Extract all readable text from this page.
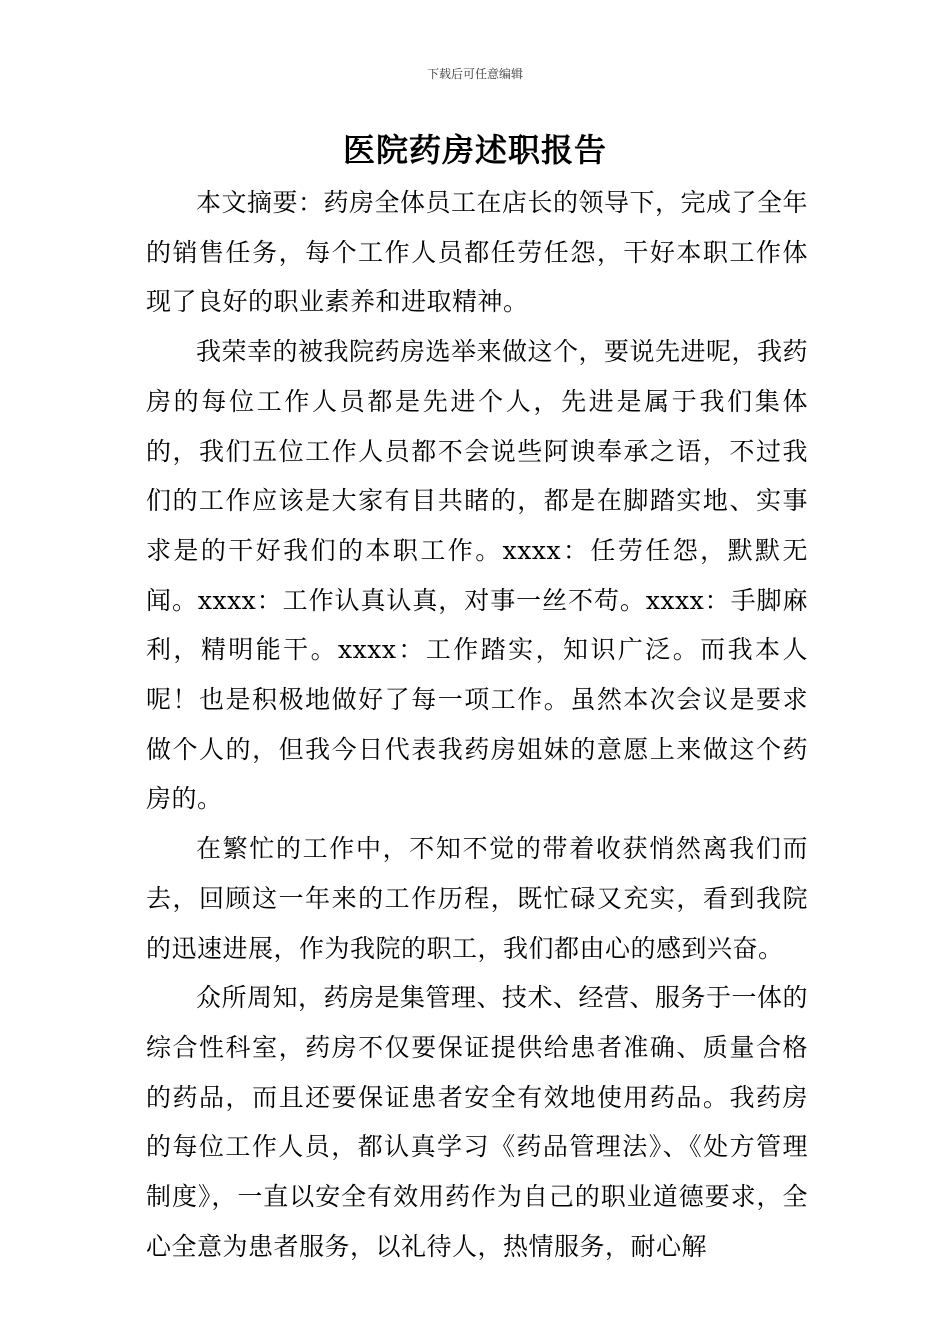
下载后可任意编辑
医院药房述职报告

本文摘要：药房全体员工在店长的领导下，完成了全年的销售任务，每个工作人员都任劳任怨，干好本职工作体现了良好的职业素养和进取精神。

我荣幸的被我院药房选举来做这个，要说先进呢，我药房的每位工作人员都是先进个人，先进是属于我们集体的，我们五位工作人员都不会说些阿谀奉承之语，不过我们的工作应该是大家有目共睹的，都是在脚踏实地、实事求是的干好我们的本职工作。xxxx：任劳任怨，默默无闻。xxxx：工作认真认真，对事一丝不苟。xxxx：手脚麻利，精明能干。xxxx：工作踏实，知识广泛。而我本人呢！也是积极地做好了每一项工作。虽然本次会议是要求做个人的，但我今日代表我药房姐妹的意愿上来做这个药房的。

在繁忙的工作中，不知不觉的带着收获悄然离我们而去，回顾这一年来的工作历程，既忙碌又充实，看到我院的迅速进展，作为我院的职工，我们都由心的感到兴奋。

众所周知，药房是集管理、技术、经营、服务于一体的综合性科室，药房不仅要保证提供给患者准确、质量合格的药品，而且还要保证患者安全有效地使用药品。我药房的每位工作人员，都认真学习《药品管理法》、《处方管理制度》，一直以安全有效用药作为自己的职业道德要求，全心全意为患者服务，以礼待人，热情服务，耐心解
